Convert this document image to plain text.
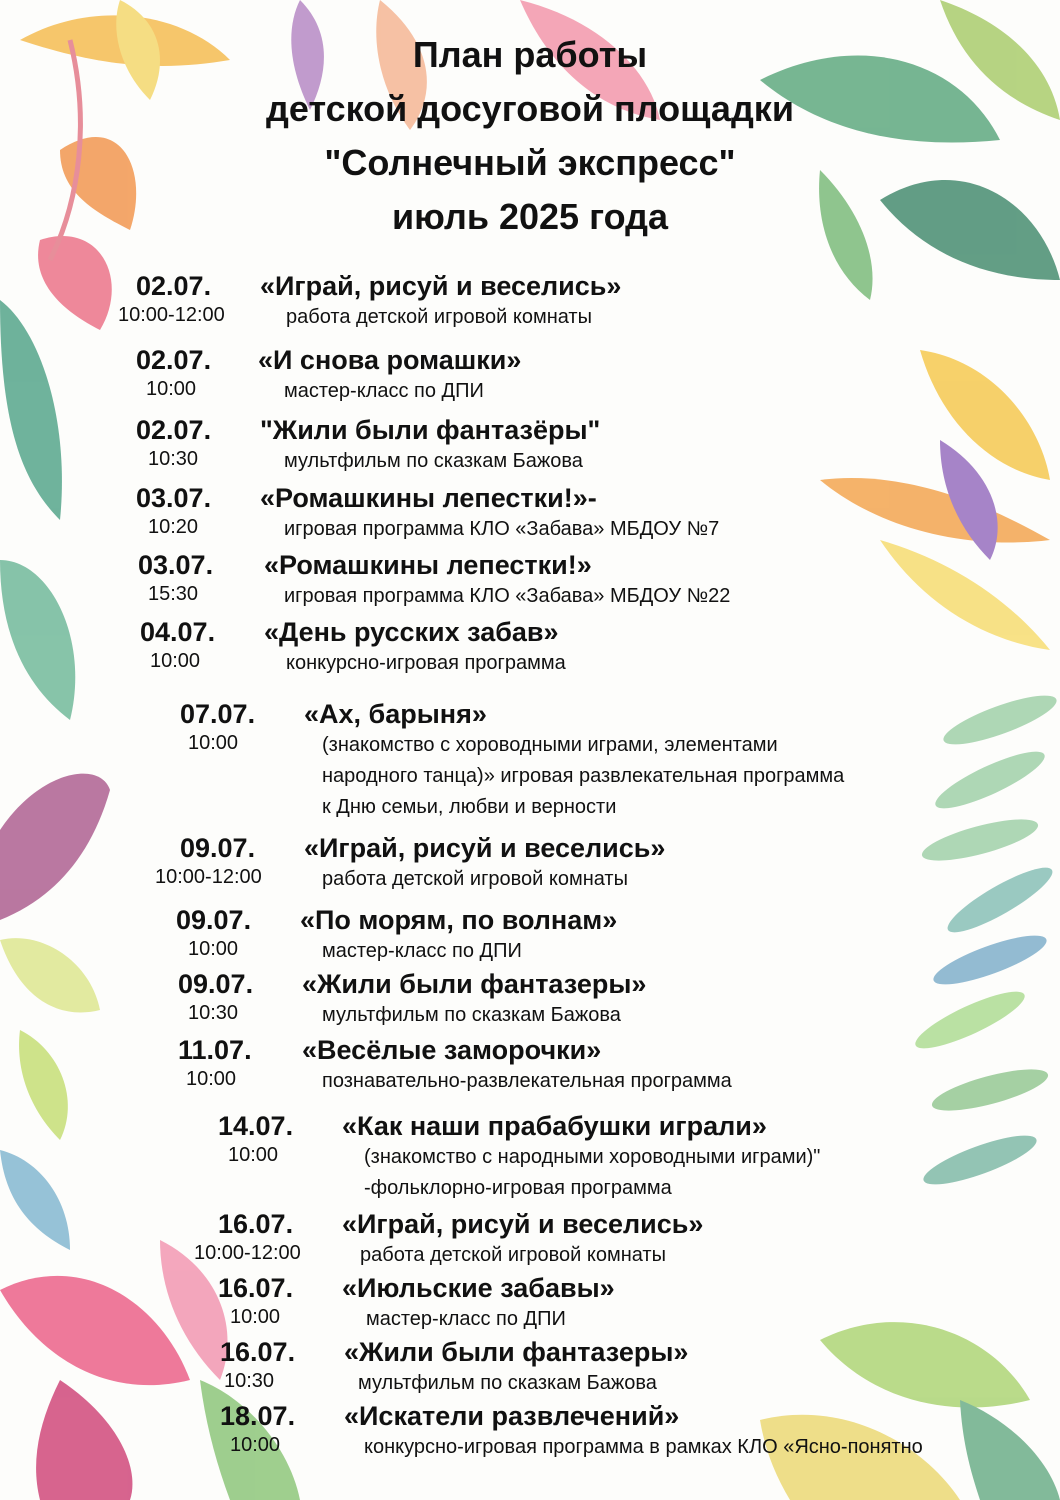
План работы
детской досуговой площадки
"Солнечный экспресс"
июль 2025 года
02.07. «Играй, рисуй и веселись»
10:00-12:00	работа детской игровой комнаты
02.07. «И снова ромашки»
10:00	мастер-класс по ДПИ
02.07. "Жили были фантазёры"
10:30	мультфильм по сказкам Бажова
03.07. «Ромашкины лепестки!»-
10:20	игровая программа КЛО «Забава» МБДОУ №7
03.07. «Ромашкины лепестки!»
15:30	игровая программа КЛО «Забава» МБДОУ №22
04.07. «День русских забав»
10:00	конкурсно-игровая программа
07.07. «Ах, барыня»
10:00	(знакомство с хороводными играми, элементами
народного танца)» игровая развлекательная программа
к Дню семьи, любви и верности
09.07. «Играй, рисуй и веселись»
10:00-12:00	работа детской игровой комнаты
09.07. «По морям, по волнам»
10:00	мастер-класс по ДПИ
09.07. «Жили были фантазеры»
10:30	мультфильм по сказкам Бажова
11.07. «Весёлые заморочки»
10:00	познавательно-развлекательная программа
14.07. «Как наши прабабушки играли»
10:00	(знакомство с народными хороводными играми)"
-фольклорно-игровая программа
16.07. «Играй, рисуй и веселись»
10:00-12:00	работа детской игровой комнаты
16.07. «Июльские забавы»
10:00	мастер-класс по ДПИ
16.07. «Жили были фантазеры»
10:30	мультфильм по сказкам Бажова
18.07. «Искатели развлечений»
10:00	конкурсно-игровая программа в рамках КЛО «Ясно-понятно
